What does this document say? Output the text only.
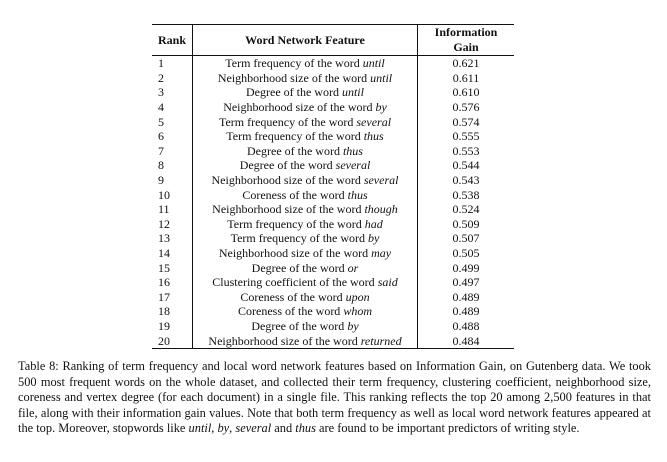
Rank	Word Network Feature	Information Gain
1	Term frequency of the word until	0.621
2	Neighborhood size of the word until	0.611
3	Degree of the word until	0.610
4	Neighborhood size of the word by	0.576
5	Term frequency of the word several	0.574
6	Term frequency of the word thus	0.555
7	Degree of the word thus	0.553
8	Degree of the word several	0.544
9	Neighborhood size of the word several	0.543
10	Coreness of the word thus	0.538
11	Neighborhood size of the word though	0.524
12	Term frequency of the word had	0.509
13	Term frequency of the word by	0.507
14	Neighborhood size of the word may	0.505
15	Degree of the word or	0.499
16	Clustering coefficient of the word said	0.497
17	Coreness of the word upon	0.489
18	Coreness of the word whom	0.489
19	Degree of the word by	0.488
20	Neighborhood size of the word returned	0.484

Table 8: Ranking of term frequency and local word network features based on Information Gain, on Gutenberg data. We took 500 most frequent words on the whole dataset, and collected their term frequency, clustering coefficient, neighborhood size, coreness and vertex degree (for each document) in a single file. This ranking reflects the top 20 among 2,500 features in that file, along with their information gain values. Note that both term frequency as well as local word network features appeared at the top. Moreover, stopwords like until, by, several and thus are found to be important predictors of writing style.
